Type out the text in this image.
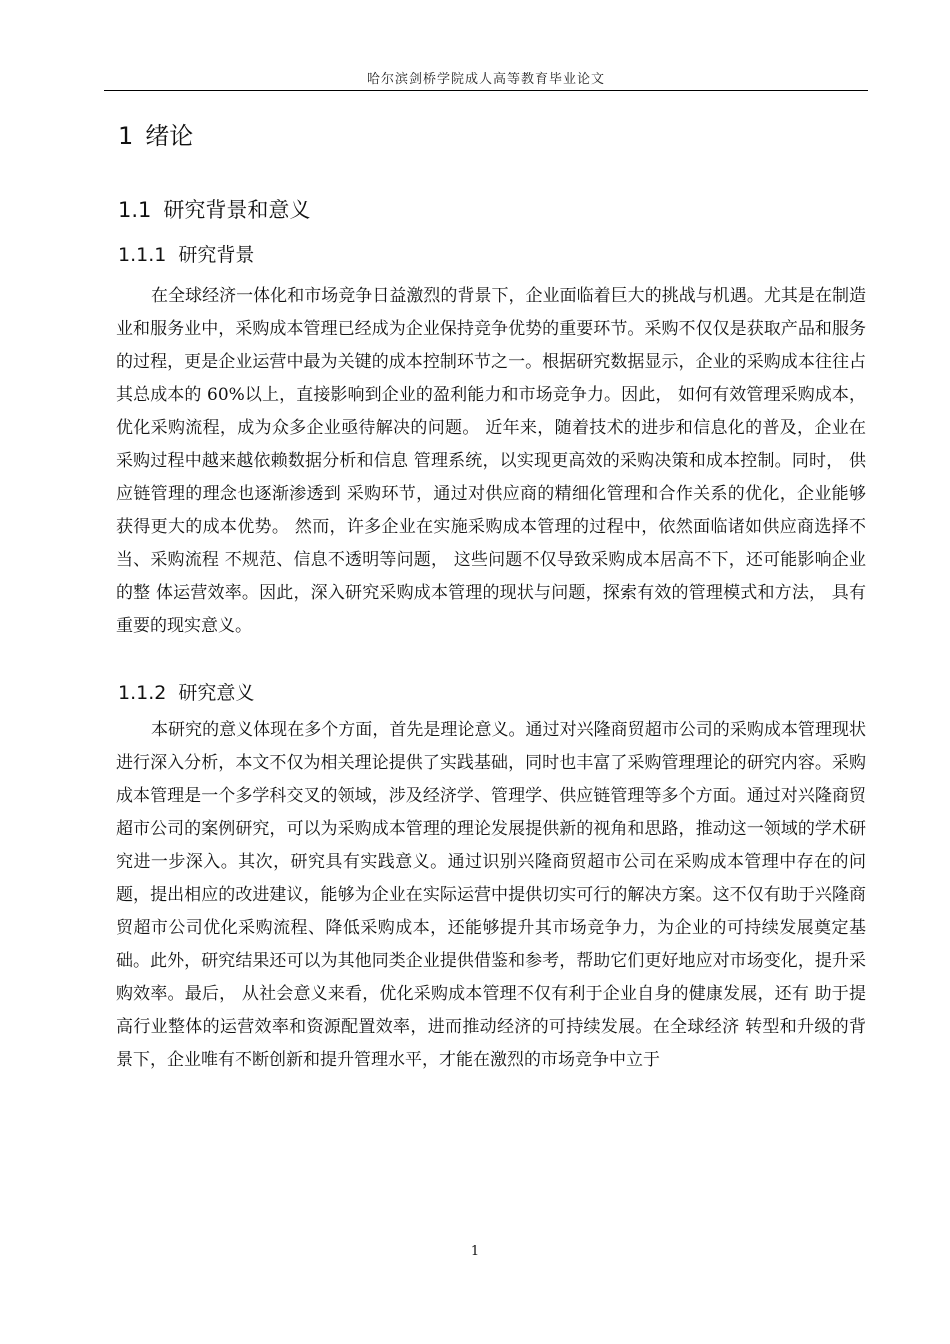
哈尔滨剑桥学院成人高等教育毕业论文
1 绪论
1.1 研究背景和意义
1.1.1 研究背景

在全球经济一体化和市场竞争日益激烈的背景下，企业面临着巨大的挑战与机遇。尤其是在制造业和服务业中，采购成本管理已经成为企业保持竞争优势的重要环节。采购不仅仅是获取产品和服务的过程，更是企业运营中最为关键的成本控制环节之一。根据研究数据显示，企业的采购成本往往占其总成本的 60%以上，直接影响到企业的盈利能力和市场竞争力。因此， 如何有效管理采购成本，优化采购流程，成为众多企业亟待解决的问题。 近年来，随着技术的进步和信息化的普及，企业在采购过程中越来越依赖数据分析和信息 管理系统，以实现更高效的采购决策和成本控制。同时， 供应链管理的理念也逐渐渗透到 采购环节，通过对供应商的精细化管理和合作关系的优化，企业能够获得更大的成本优势。 然而，许多企业在实施采购成本管理的过程中，依然面临诸如供应商选择不当、采购流程 不规范、信息不透明等问题， 这些问题不仅导致采购成本居高不下，还可能影响企业的整 体运营效率。因此，深入研究采购成本管理的现状与问题，探索有效的管理模式和方法， 具有重要的现实意义。

1.1.2 研究意义

本研究的意义体现在多个方面，首先是理论意义。通过对兴隆商贸超市公司的采购成本管理现状进行深入分析，本文不仅为相关理论提供了实践基础，同时也丰富了采购管理理论的研究内容。采购成本管理是一个多学科交叉的领域，涉及经济学、管理学、供应链管理等多个方面。通过对兴隆商贸超市公司的案例研究，可以为采购成本管理的理论发展提供新的视角和思路，推动这一领域的学术研究进一步深入。其次，研究具有实践意义。通过识别兴隆商贸超市公司在采购成本管理中存在的问题，提出相应的改进建议，能够为企业在实际运营中提供切实可行的解决方案。这不仅有助于兴隆商贸超市公司优化采购流程、降低采购成本，还能够提升其市场竞争力，为企业的可持续发展奠定基础。此外，研究结果还可以为其他同类企业提供借鉴和参考，帮助它们更好地应对市场变化，提升采购效率。最后， 从社会意义来看，优化采购成本管理不仅有利于企业自身的健康发展，还有 助于提高行业整体的运营效率和资源配置效率，进而推动经济的可持续发展。在全球经济 转型和升级的背景下，企业唯有不断创新和提升管理水平，才能在激烈的市场竞争中立于

1
